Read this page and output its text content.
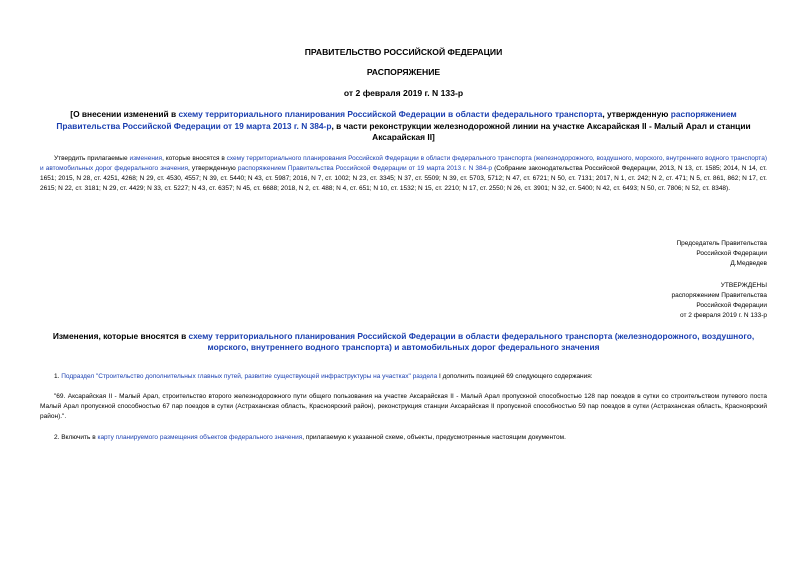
ПРАВИТЕЛЬСТВО РОССИЙСКОЙ ФЕДЕРАЦИИ
РАСПОРЯЖЕНИЕ
от 2 февраля 2019 г. N 133-р
[О внесении изменений в схему территориального планирования Российской Федерации в области федерального транспорта, утвержденную распоряжением Правительства Российской Федерации от 19 марта 2013 г. N 384-р, в части реконструкции железнодорожной линии на участке Аксарайская II - Малый Арал и станции Аксарайская II]
Утвердить прилагаемые изменения, которые вносятся в схему территориального планирования Российской Федерации в области федерального транспорта (железнодорожного, воздушного, морского, внутреннего водного транспорта) и автомобильных дорог федерального значения, утвержденную распоряжением Правительства Российской Федерации от 19 марта 2013 г. N 384-р (Собрание законодательства Российской Федерации, 2013, N 13, ст. 1585; 2014, N 14, ст. 1651; 2015, N 28, ст. 4251, 4268; N 29, ст. 4530, 4557; N 39, ст. 5440; N 43, ст. 5987; 2016, N 7, ст. 1002; N 23, ст. 3345; N 37, ст. 5509; N 39, ст. 5703, 5712; N 47, ст. 6721; N 50, ст. 7131; 2017, N 1, ст. 242; N 2, ст. 471; N 5, ст. 861, 862; N 17, ст. 2615; N 22, ст. 3181; N 29, ст. 4429; N 33, ст. 5227; N 43, ст. 6357; N 45, ст. 6688; 2018, N 2, ст. 488; N 4, ст. 651; N 10, ст. 1532; N 15, ст. 2210; N 17, ст. 2550; N 26, ст. 3901; N 32, ст. 5400; N 42, ст. 6493; N 50, ст. 7806; N 52, ст. 8348).
Председатель Правительства
Российской Федерации
Д.Медведев
УТВЕРЖДЕНЫ
распоряжением Правительства
Российской Федерации
от 2 февраля 2019 г. N 133-р
Изменения, которые вносятся в схему территориального планирования Российской Федерации в области федерального транспорта (железнодорожного, воздушного, морского, внутреннего водного транспорта) и автомобильных дорог федерального значения
1. Подраздел "Строительство дополнительных главных путей, развитие существующей инфраструктуры на участках" раздела I дополнить позицией 69 следующего содержания:
"69. Аксарайская II - Малый Арал, строительство второго железнодорожного пути общего пользования на участке Аксарайская II - Малый Арал пропускной способностью 128 пар поездов в сутки со строительством путевого поста Малый Арал пропускной способностью 67 пар поездов в сутки (Астраханская область, Красноярский район), реконструкция станции Аксарайская II пропускной способностью 59 пар поездов в сутки (Астраханская область, Красноярский район).".
2. Включить в карту планируемого размещения объектов федерального значения, прилагаемую к указанной схеме, объекты, предусмотренные настоящим документом.
